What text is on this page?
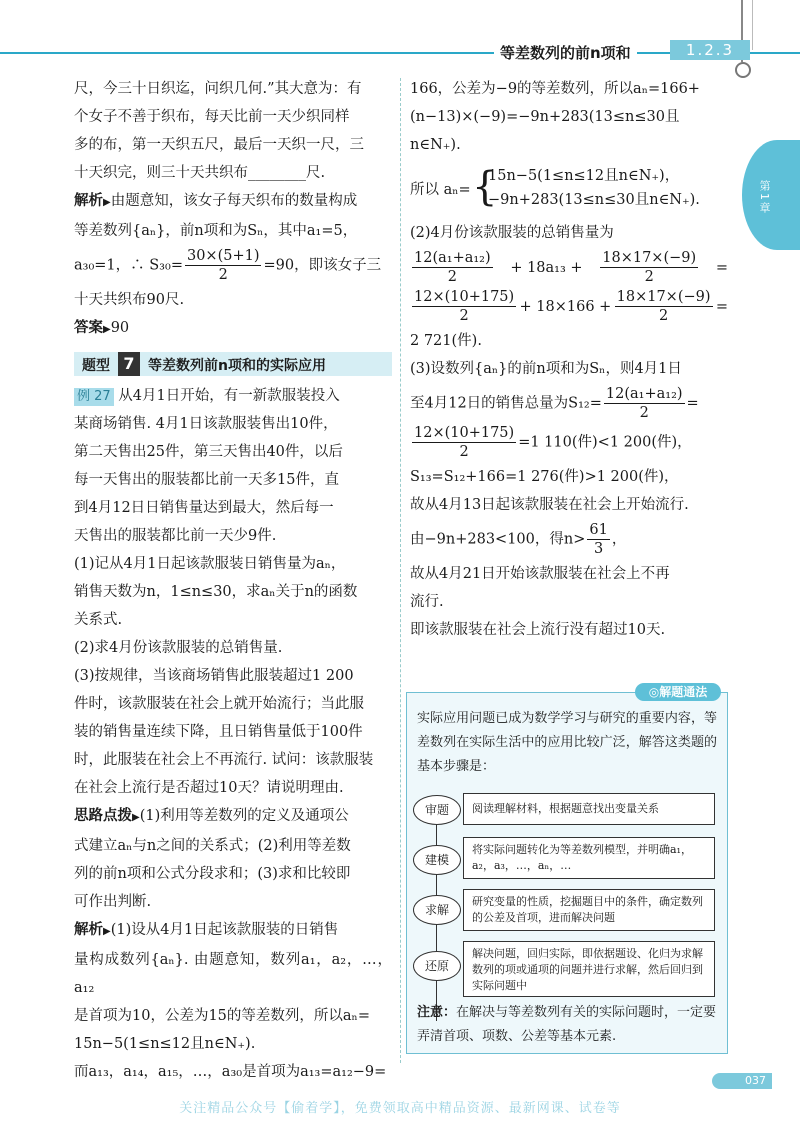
等差数列的前n项和	1.2.3
第1章

尺，今三十日织迄，问织几何.”其大意为：有

个女子不善于织布，每天比前一天少织同样

多的布，第一天织五尺，最后一天织一尺，三

十天织完，则三十天共织布________尺.

解析▶由题意知，该女子每天织布的数量构成

等差数列{aₙ}，前n项和为Sₙ，其中a₁=5，

a₃₀=1，∴ $S_{30}= \frac{30\times(5+1)}{2} =90$，即该女子三

十天共织布90尺.

答案▶90

题型 7 等差数列前n项和的实际应用

例 27 从4月1日开始，有一新款服装投入

某商场销售. 4月1日该款服装售出10件，

第二天售出25件，第三天售出40件，以后

每一天售出的服装都比前一天多15件，直

到4月12日日销售量达到最大，然后每一

天售出的服装都比前一天少9件.

(1)记从4月1日起该款服装日销售量为aₙ，

销售天数为n，1≤n≤30，求aₙ关于n的函数

关系式.

(2)求4月份该款服装的总销售量.

(3)按规律，当该商场销售此服装超过1 200

件时，该款服装在社会上就开始流行；当此服

装的销售量连续下降，且日销售量低于100件

时，此服装在社会上不再流行. 试问：该款服装

在社会上流行是否超过10天？请说明理由.

思路点拨▶(1)利用等差数列的定义及通项公

式建立aₙ与n之间的关系式；(2)利用等差数

列的前n项和公式分段求和；(3)求和比较即

可作出判断.

解析▶(1)设从4月1日起该款服装的日销售

量构成数列{aₙ}. 由题意知，数列a₁，a₂，…，a₁₂

是首项为10，公差为15的等差数列，所以aₙ=

15n−5(1≤n≤12且n∈N₊).

而a₁₃，a₁₄，a₁₅，…，a₃₀是首项为a₁₃=a₁₂−9=

166，公差为−9的等差数列，所以aₙ=166+

(n−13)×(−9)=−9n+283(13≤n≤30且

n∈N₊).

所以 aₙ= {
15n−5(1≤n≤12且n∈N₊)，
−9n+283(13≤n≤30且n∈N₊).

(2)4月份该款服装的总销售量为

$\frac{\text{12(a₁+a₁₂)}}{2} + 18a_{13} + \frac{18\times 17\times(-9)}{2}$ =

$\frac{12\times(10+175)}{2} + 18\times 166 + \frac{18\times 17\times(-9)}{2}$ =

2 721(件).

(3)设数列{aₙ}的前n项和为Sₙ，则4月1日

至4月12日的销售总量为$S_{12}= \frac{\text{12(a₁+a₁₂)}}{2}$ =

$\frac{12\times(10+175)}{2} =1$ 110(件)<1 200(件)，

S₁₃=S₁₂+166=1 276(件)>1 200(件)，

故从4月13日起该款服装在社会上开始流行.

由−9n+283<100，得$n> \frac{61}{3}$ ，

故从4月21日开始该款服装在社会上不再

流行.

即该款服装在社会上流行没有超过10天.

◎解题通法
实际应用问题已成为数学学习与研究的重要内容，等差数列在实际生活中的应用比较广泛，解答这类题的基本步骤是：
审题	阅读理解材料，根据题意找出变量关系
建模
将实际问题转化为等差数列模型，并明确a₁，a₂，a₃，…，aₙ，…
求解
研究变量的性质，挖掘题目中的条件，确定数列的公差及首项，进而解决问题
还原
解决问题，回归实际，即依据题设、化归为求解数列的项或通项的问题并进行求解，然后回归到实际问题中
注意：在解决与等差数列有关的实际问题时，一定要弄清首项、项数、公差等基本元素.
037
关注精品公众号【偷着学】，免费领取高中精品资源、最新网课、试卷等
